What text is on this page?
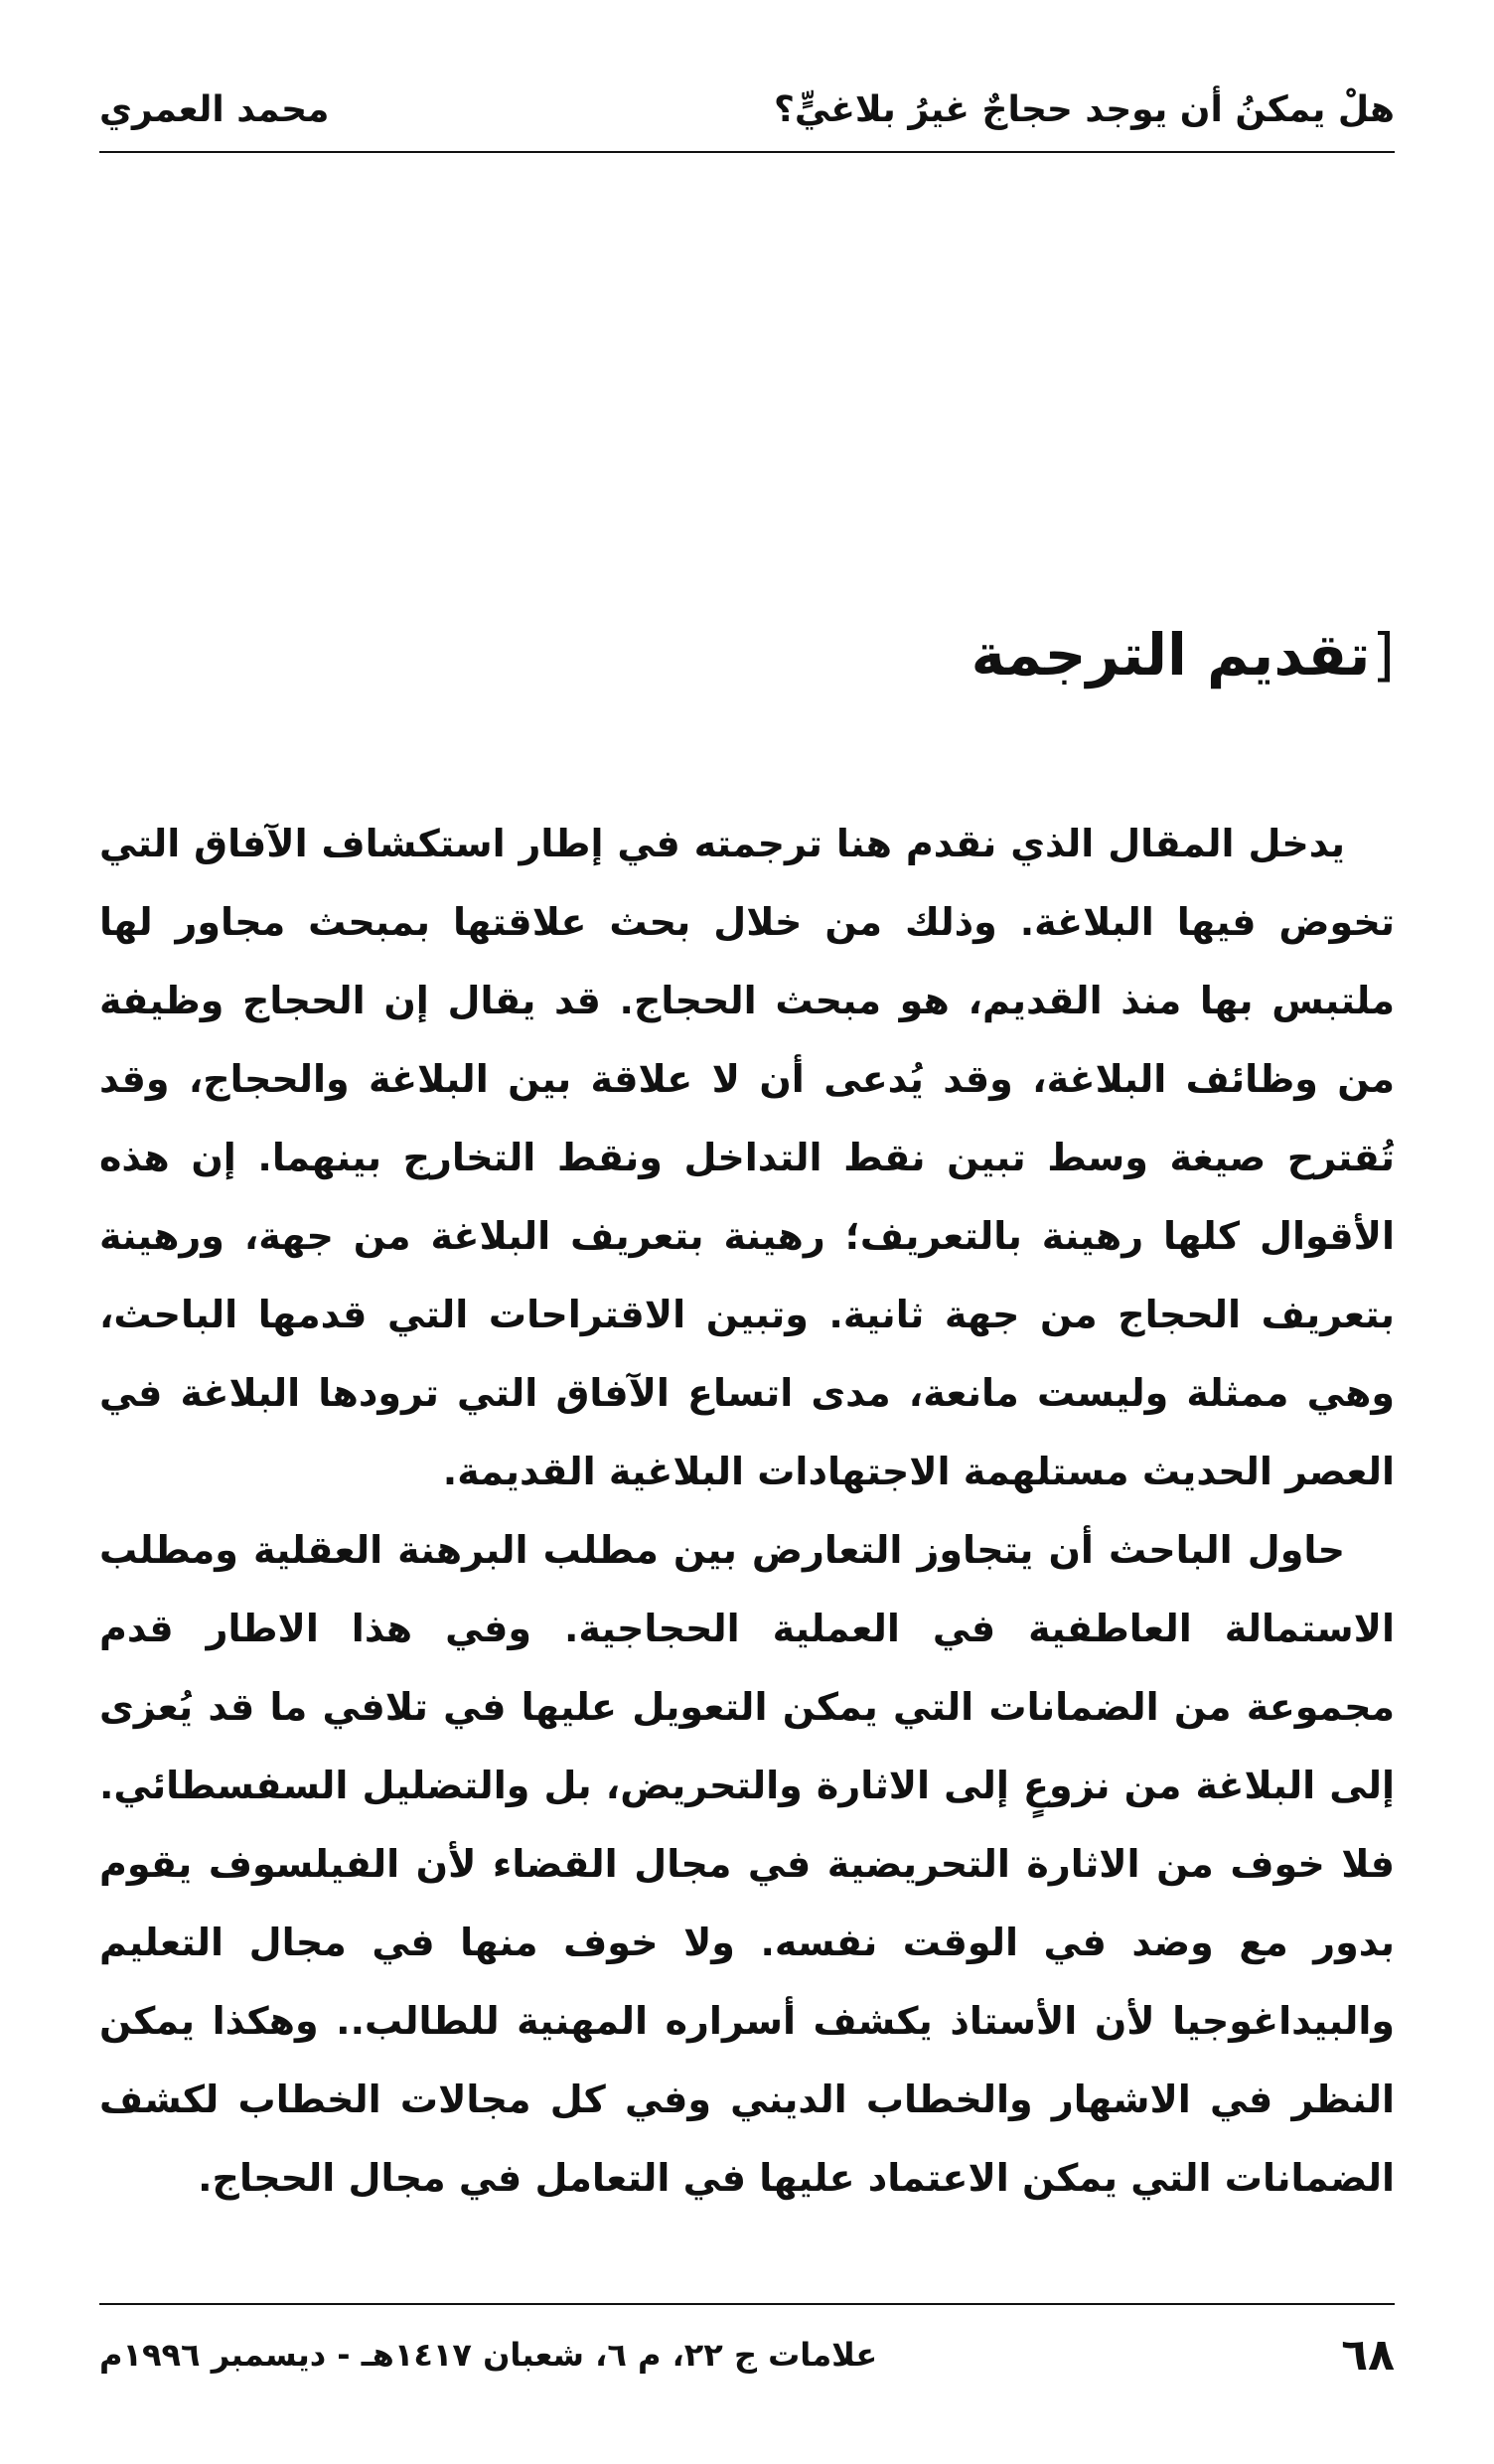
هلْ يمكنُ أن يوجد حجاجٌ غيرُ بلاغيٍّ؟
محمد العمري
[تقديم الترجمة

يدخل المقال الذي نقدم هنا ترجمته في إطار استكشاف الآفاق التي تخوض فيها البلاغة. وذلك من خلال بحث علاقتها بمبحث مجاور لها ملتبس بها منذ القديم، هو مبحث الحجاج. قد يقال إن الحجاج وظيفة من وظائف البلاغة، وقد يُدعى أن لا علاقة بين البلاغة والحجاج، وقد تُقترح صيغة وسط تبين نقط التداخل ونقط التخارج بينهما. إن هذه الأقوال كلها رهينة بالتعريف؛ رهينة بتعريف البلاغة من جهة، ورهينة بتعريف الحجاج من جهة ثانية. وتبين الاقتراحات التي قدمها الباحث، وهي ممثلة وليست مانعة، مدى اتساع الآفاق التي ترودها البلاغة في العصر الحديث مستلهمة الاجتهادات البلاغية القديمة.

حاول الباحث أن يتجاوز التعارض بين مطلب البرهنة العقلية ومطلب الاستمالة العاطفية في العملية الحجاجية. وفي هذا الاطار قدم مجموعة من الضمانات التي يمكن التعويل عليها في تلافي ما قد يُعزى إلى البلاغة من نزوعٍ إلى الاثارة والتحريض، بل والتضليل السفسطائي. فلا خوف من الاثارة التحريضية في مجال القضاء لأن الفيلسوف يقوم بدور مع وضد في الوقت نفسه. ولا خوف منها في مجال التعليم والبيداغوجيا لأن الأستاذ يكشف أسراره المهنية للطالب.. وهكذا يمكن النظر في الاشهار والخطاب الديني وفي كل مجالات الخطاب لكشف الضمانات التي يمكن الاعتماد عليها في التعامل في مجال الحجاج.

٦٨
علامات ج ٢٢، م ٦، شعبان ١٤١٧هـ - ديسمبر ١٩٩٦م
